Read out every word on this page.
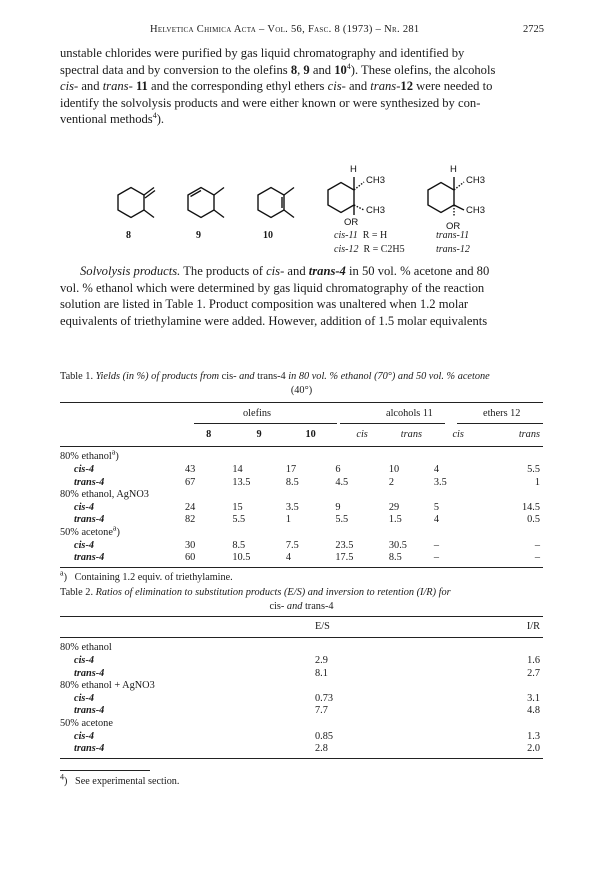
Helvetica Chimica Acta – Vol. 56, Fasc. 8 (1973) – Nr. 281	2725
unstable chlorides were purified by gas liquid chromatography and identified by
spectral data and by conversion to the olefins 8, 9 and $10^4$). These olefins, the alcohols
cis- and trans- 11 and the corresponding ethyl ethers cis- and trans-12 were needed to
identify the solvolysis products and were either known or were synthesized by con-
ventional methods$^4$).
H
CH3
CH3
OR
H
CH3
CH3
OR
8	9	10	cis-11 R = H	trans-11
cis-12 R = C2H5	trans-12
Solvolysis products. The products of cis- and trans-4 in 50 vol. % acetone and 80
vol. % ethanol which were determined by gas liquid chromatography of the reaction
solution are listed in Table 1. Product composition was unaltered when 1.2 molar
equivalents of triethylamine were added. However, addition of 1.5 molar equivalents
Table 1. Yields (in %) of products from cis- and trans-4 in 80 vol. % ethanol (70°) and 50 vol. % acetone
(40°)
olefins	alcohols 11	ethers 12
	8	9	10	cis	trans	cis	trans

80% ethanol$^a$)							
cis-4	43	14	17	6	10	4	5.5
trans-4	67	13.5	8.5	4.5	2	3.5	1
80% ethanol, AgNO3							
cis-4	24	15	3.5	9	29	5	14.5
trans-4	82	5.5	1	5.5	1.5	4	0.5
50% acetone$^a$)							
cis-4	30	8.5	7.5	23.5	30.5	–	–
trans-4	60	10.5	4	17.5	8.5	–	–

$^a$)   Containing 1.2 equiv. of triethylamine.							
Table 2. Ratios of elimination to substitution products (E/S) and inversion to retention (I/R) for
cis- and trans-4
	E/S	I/R

80% ethanol		
cis-4	2.9	1.6
trans-4	8.1	2.7
80% ethanol + AgNO3		
cis-4	0.73	3.1
trans-4	7.7	4.8
50% acetone		
cis-4	0.85	1.3
trans-4	2.8	2.0

$^4$)   See experimental section.
